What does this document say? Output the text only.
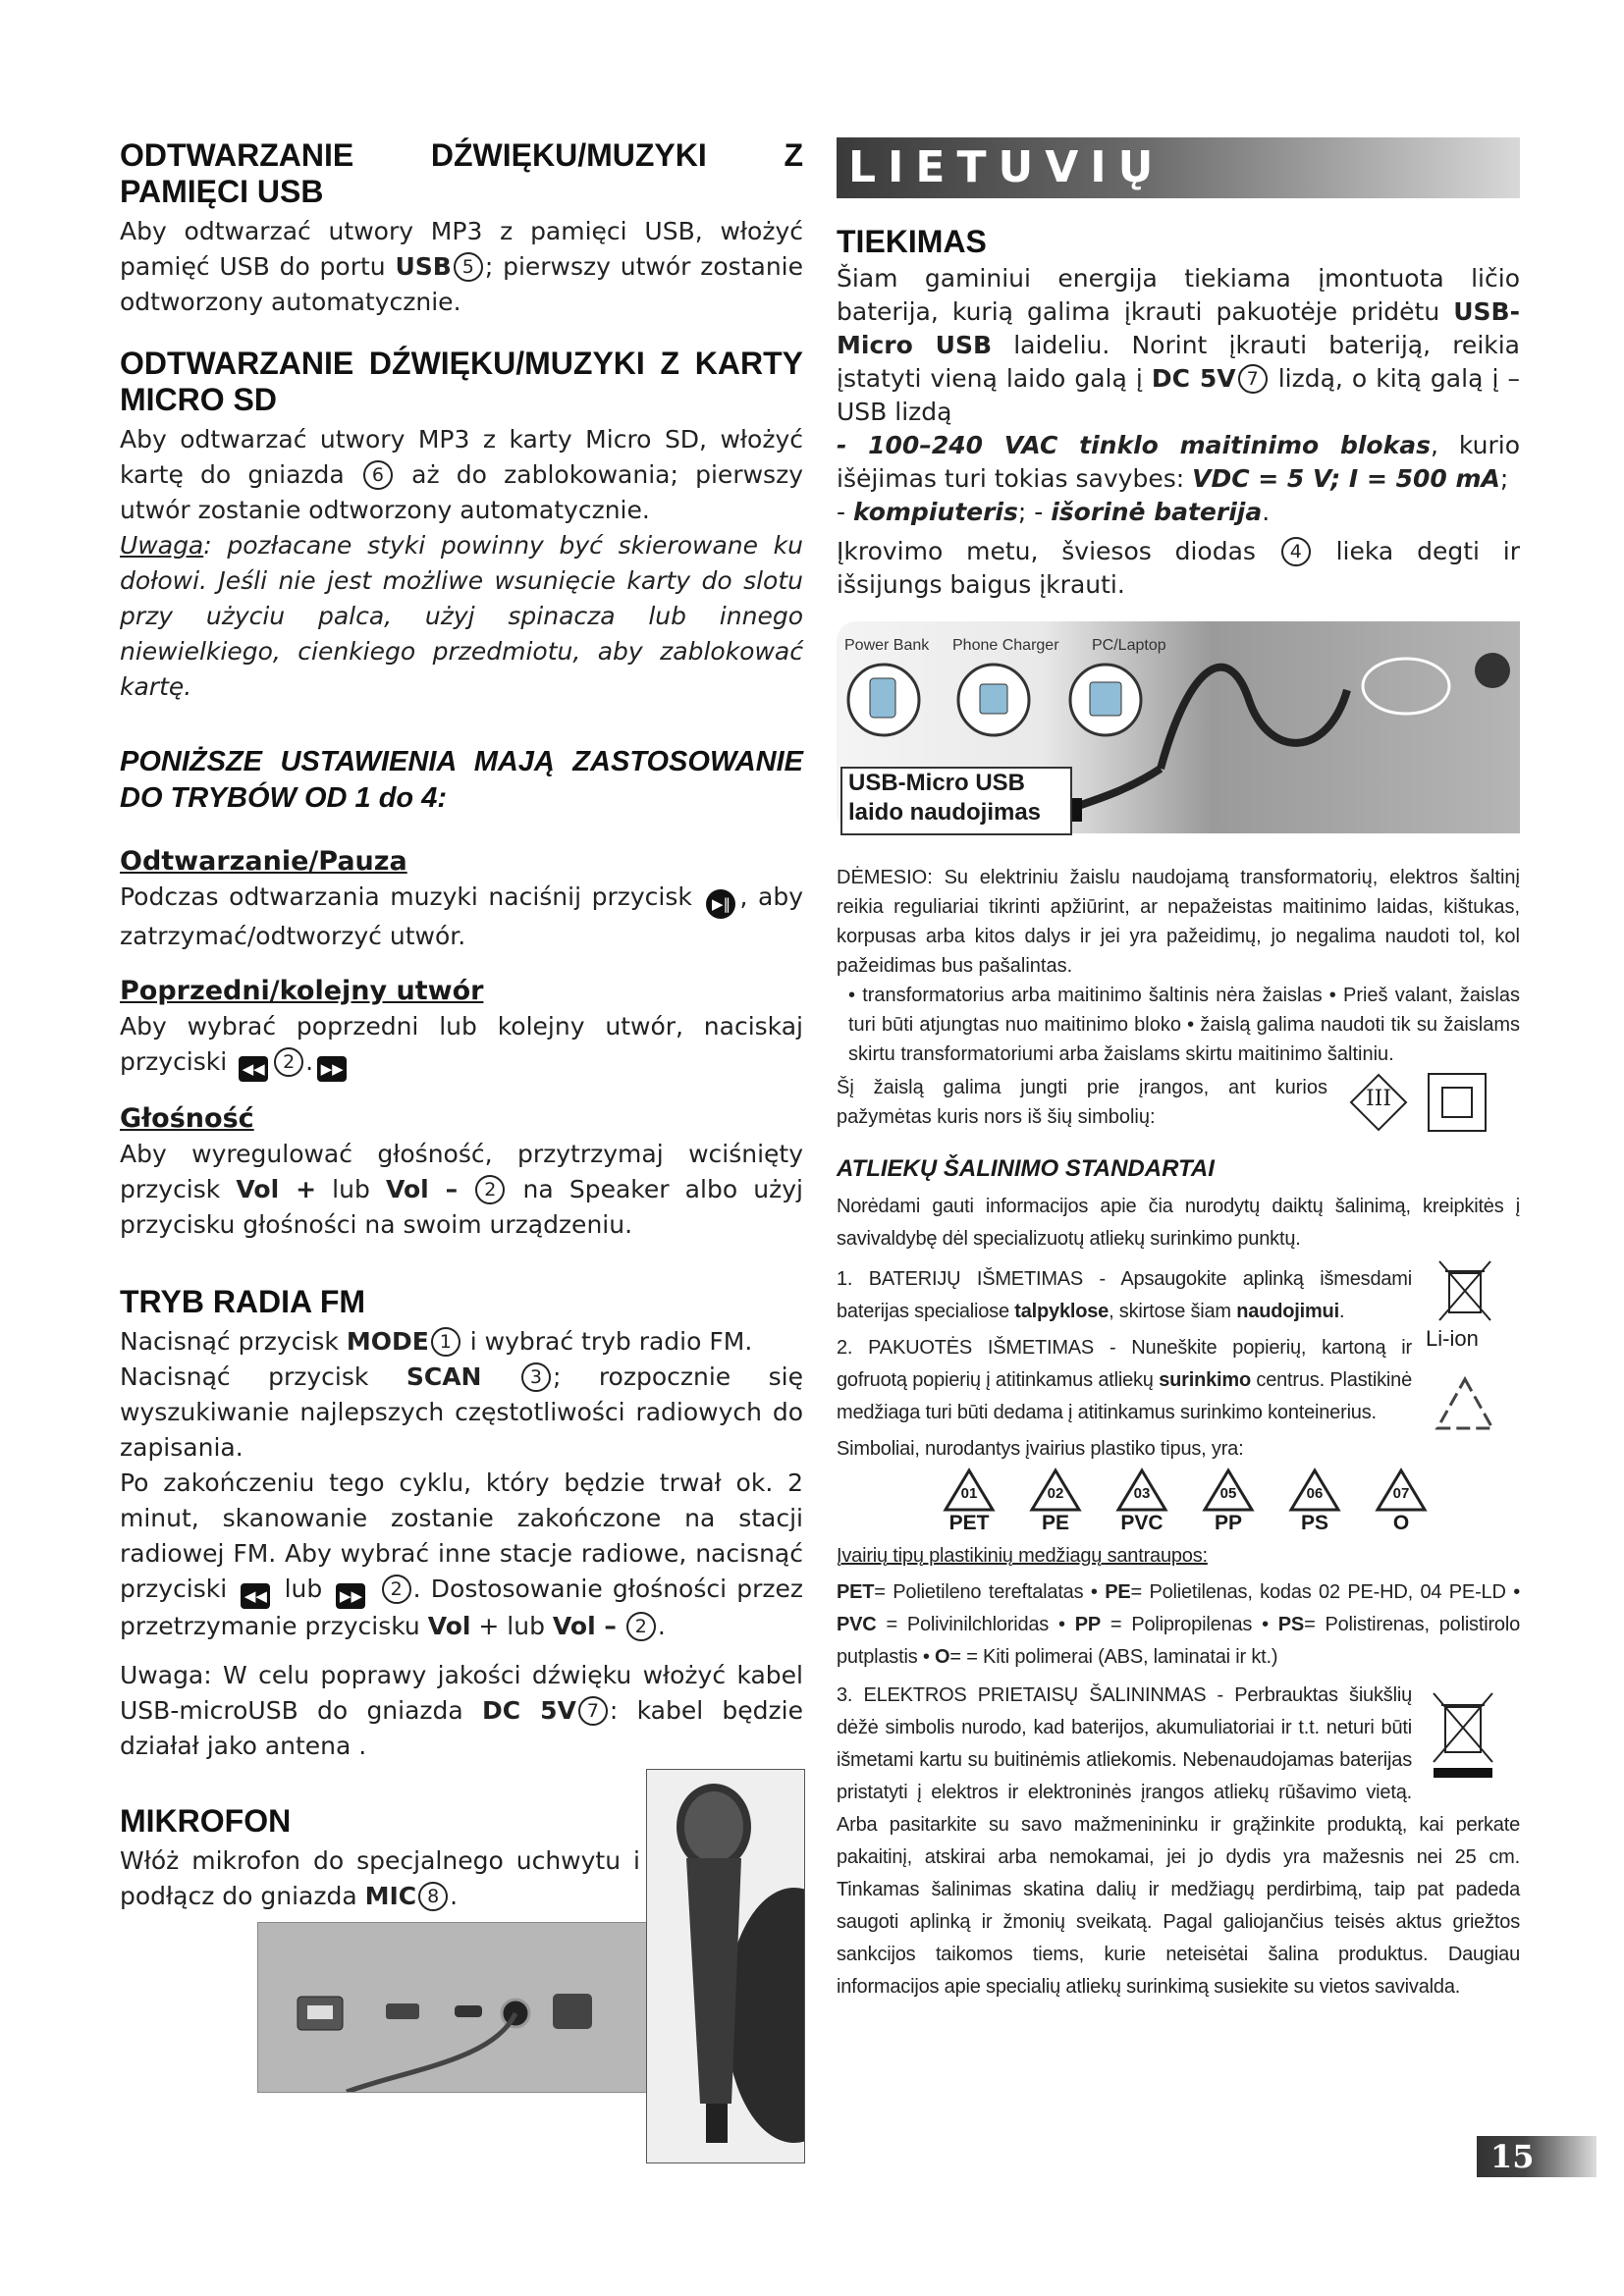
ODTWARZANIE DŹWIĘKU/MUZYKI Z PAMIĘCI USB

Aby odtwarzać utwory MP3 z pamięci USB, włożyć pamięć USB do portu USB 5 ; pierwszy utwór zostanie odtworzony automatycznie.

ODTWARZANIE DŹWIĘKU/MUZYKI Z KARTY MICRO SD

Aby odtwarzać utwory MP3 z karty Micro SD, włożyć kartę do gniazda 6 aż do zablokowania; pierwszy utwór zostanie odtworzony automatycznie.

Uwaga: pozłacane styki powinny być skierowane ku dołowi. Jeśli nie jest możliwe wsunięcie karty do slotu przy użyciu palca, użyj spinacza lub innego niewielkiego, cienkiego przedmiotu, aby zablokować kartę.

PONIŻSZE USTAWIENIA MAJĄ ZASTOSOWANIE DO TRYBÓW OD 1 do 4:

Odtwarzanie/Pauza

Podczas odtwarzania muzyki naciśnij przycisk ▶‖ , aby zatrzymać/odtworzyć utwór.

Poprzedni/kolejny utwór

Aby wybrać poprzedni lub kolejny utwór, naciskaj przyciski ◀◀ 2 . ▶▶

Głośność

Aby wyregulować głośność, przytrzymaj wciśnięty przycisk Vol + lub Vol – 2 na Speaker albo użyj przycisku głośności na swoim urządzeniu.

TRYB RADIA FM

Nacisnąć przycisk MODE 1 i wybrać tryb radio FM.

Nacisnąć przycisk SCAN	3 ; rozpocznie się wyszukiwanie najlepszych częstotliwości radiowych do zapisania.

Po zakończeniu tego cyklu, który będzie trwał ok. 2 minut, skanowanie zostanie zakończone na stacji radiowej FM. Aby wybrać inne stacje radiowe, nacisnąć przyciski ◀◀ lub ▶▶ 2 . Dostosowanie głośności przez przetrzymanie przycisku Vol + lub Vol – 2 .

Uwaga: W celu poprawy jakości dźwięku włożyć kabel USB-microUSB do gniazda DC 5V 7 : kabel będzie działał jako antena .

MIKROFON

Włóż mikrofon do specjalnego uchwytu i podłącz do gniazda MIC 8 .

LIETUVIŲ

TIEKIMAS

Šiam gaminiui energija tiekiama įmontuota ličio baterija, kurią galima įkrauti pakuotėje pridėtu USB-Micro USB laideliu. Norint įkrauti bateriją, reikia įstatyti vieną laido galą į DC 5V 7 lizdą, o kitą galą į – USB lizdą

- 100–240 VAC tinklo maitinimo blokas, kurio išėjimas turi tokias savybes: VDC = 5 V; I = 500 mA;

- kompiuteris; - išorinė baterija.

Įkrovimo metu, šviesos diodas 4 lieka degti ir išsijungs baigus įkrauti.

Power Bank Phone Charger PC/Laptop
USB-Micro USB
laido naudojimas

DĖMESIO: Su elektriniu žaislu naudojamą transformatorių, elektros šaltinį reikia reguliariai tikrinti apžiūrint, ar nepažeistas maitinimo laidas, kištukas, korpusas arba kitos dalys ir jei yra pažeidimų, jo negalima naudoti tol, kol pažeidimas bus pašalintas.

• transformatorius arba maitinimo šaltinis nėra žaislas • Prieš valant, žaislas turi būti atjungtas nuo maitinimo bloko • žaislą galima naudoti tik su žaislams skirtu transformatoriumi arba žaislams skirtu maitinimo šaltiniu.

Šį žaislą galima jungti prie įrangos, ant kurios pažymėtas kuris nors iš šių simbolių:

III

ATLIEKŲ ŠALINIMO STANDARTAI

Norėdami gauti informacijos apie čia nurodytų daiktų šalinimą, kreipkitės į savivaldybę dėl specializuotų atliekų surinkimo punktų.

1. BATERIJŲ IŠMETIMAS - Apsaugokite aplinką išmesdami baterijas specialiose talpyklose, skirtose šiam naudojimui.

Li-ion

2. PAKUOTĖS IŠMETIMAS - Nuneškite popierių, kartoną ir gofruotą popierių į atitinkamus atliekų surinkimo centrus. Plastikinė medžiaga turi būti dedama į atitinkamus surinkimo konteinerius.

Simboliai, nurodantys įvairius plastiko tipus, yra:

01
PET
02
PE
03
PVC
05
PP
06
PS
07
O

Įvairių tipų plastikinių medžiagų santraupos:

PET= Polietileno tereftalatas • PE= Polietilenas, kodas 02 PE-HD, 04 PE-LD • PVC = Polivinilchloridas • PP = Polipropilenas • PS= Polistirenas, polistirolo putplastis • O= = Kiti polimerai (ABS, laminatai ir kt.)

3. ELEKTROS PRIETAISŲ ŠALININMAS - Perbrauktas šiukšlių dėžė simbolis nurodo, kad baterijos, akumuliatoriai ir t.t. neturi būti išmetami kartu su buitinėmis atliekomis. Nebenaudojamas baterijas pristatyti į elektros ir elektroninės įrangos atliekų rūšavimo vietą. Arba pasitarkite su savo mažmenininku ir grąžinkite produktą, kai perkate pakaitinį, atskirai arba nemokamai, jei jo dydis yra mažesnis nei 25 cm. Tinkamas šalinimas skatina dalių ir medžiagų perdirbimą, taip pat padeda saugoti aplinką ir žmonių sveikatą. Pagal galiojančius teisės aktus griežtos sankcijos taikomos tiems, kurie neteisėtai šalina produktus. Daugiau informacijos apie specialių atliekų surinkimą susiekite su vietos savivalda.

15
